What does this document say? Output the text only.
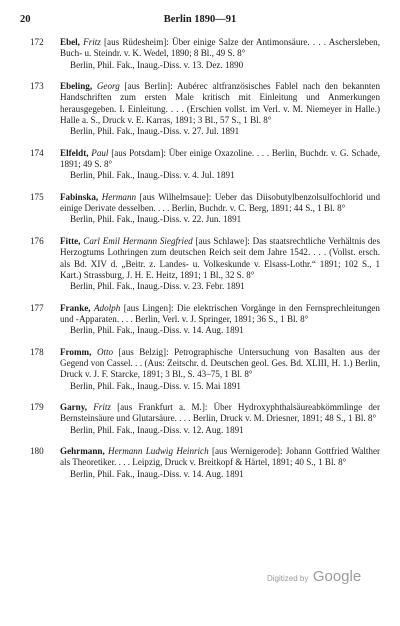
20	Berlin 1890—91
172 Ebel, Fritz [aus Rüdesheim]: Über einige Salze der Antimonsäure. . . . Aschersleben, Buch- u. Steindr. v. K. Wedel, 1890; 8 Bl., 49 S. 8°
Berlin, Phil. Fak., Inaug.-Diss. v. 13. Dez. 1890
173 Ebeling, Georg [aus Berlin]: Aubérec altfranzösisches Fablel nach den bekannten Handschriften zum ersten Male kritisch mit Einleitung und Anmerkungen herausgegeben. I. Einleitung. . . . (Erschien vollst. im Verl. v. M. Niemeyer in Halle.) Halle a. S., Druck v. E. Karras, 1891; 3 Bl., 57 S., 1 Bl. 8°
Berlin, Phil. Fak., Inaug.-Diss. v. 27. Jul. 1891
174 Elfeldt, Paul [aus Potsdam]: Über einige Oxazoline. . . . Berlin, Buchdr. v. G. Schade, 1891; 49 S. 8°
Berlin, Phil. Fak., Inaug.-Diss. v. 4. Jul. 1891
175 Fabinska, Hermann [aus Wilhelmsaue]: Ueber das Diisobutylbenzolsulfochlorid und einige Derivate desselben. . . . Berlin, Buchdr. v. C. Berg, 1891; 44 S., 1 Bl. 8°
Berlin, Phil. Fak., Inaug.-Diss. v. 22. Jun. 1891
176 Fitte, Carl Emil Hermann Siegfried [aus Schlawe]: Das staatsrechtliche Verhältnis des Herzogtums Lothringen zum deutschen Reich seit dem Jahre 1542. . . . (Vollst. ersch. als Bd. XIV d. „Beitr. z. Landes- u. Volkeskunde v. Elsass-Lothr.“ 1891; 102 S., 1 Kart.) Strassburg, J. H. E. Heitz, 1891; 1 Bl., 32 S. 8°
Berlin, Phil. Fak., Inaug.-Diss. v. 23. Febr. 1891
177 Franke, Adolph [aus Lingen]: Die elektrischen Vorgänge in den Fernsprechleitungen und -Apparaten. . . . Berlin, Verl. v. J. Springer, 1891; 36 S., 1 Bl. 8°
Berlin, Phil. Fak., Inaug.-Diss. v. 14. Aug. 1891
178 Fromm, Otto [aus Belzig]: Petrographische Untersuchung von Basalten aus der Gegend von Cassel. . . (Aus: Zeitschr. d. Deutschen geol. Ges. Bd. XLIII, H. 1.) Berlin, Druck v. J. F. Starcke, 1891; 3 Bl., S. 43–75, 1 Bl. 8°
Berlin, Phil. Fak., Inaug.-Diss. v. 15. Mai 1891
179 Garny, Fritz [aus Frankfurt a. M.]: Über Hydroxyphthalsäureabkömmlinge der Bernsteinsäure und Glutarsäure. . . . Berlin, Druck v. M. Driesner, 1891; 48 S., 1 Bl. 8°
Berlin, Phil. Fak., Inaug.-Diss. v. 12. Aug. 1891
180 Gehrmann, Hermann Ludwig Heinrich [aus Wernigerode]: Johann Gottfried Walther als Theoretiker. . . . Leipzig, Druck v. Breitkopf & Härtel, 1891; 40 S., 1 Bl. 8°
Berlin, Phil. Fak., Inaug.-Diss. v. 14. Aug. 1891
Digitized by Google
